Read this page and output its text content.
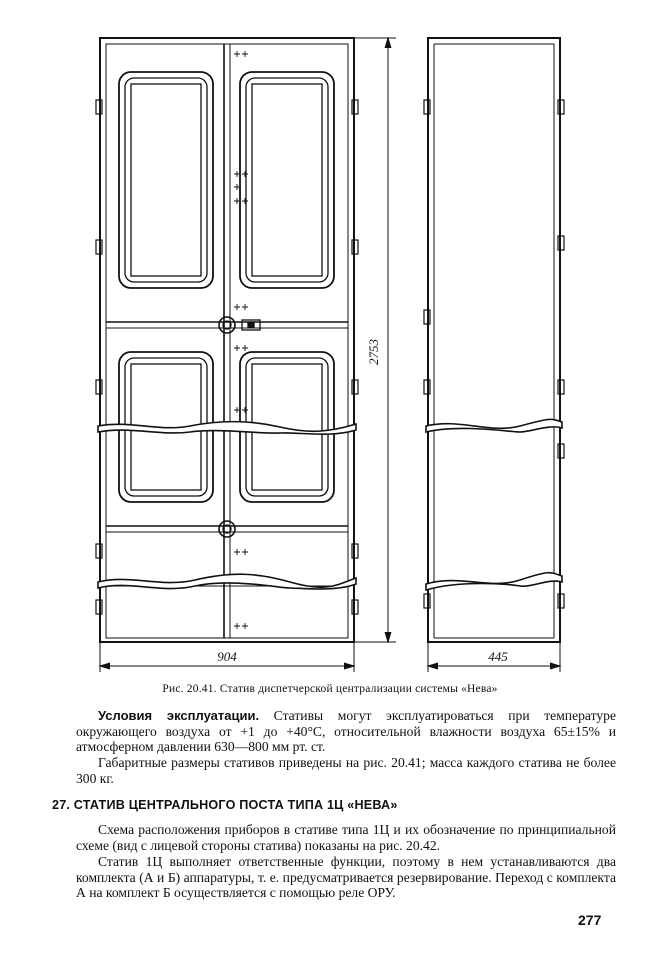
2753
904	445
Рис. 20.41. Статив диспетчерской централизации системы «Нева»
Условия эксплуатации. Стативы могут эксплуатироваться при температуре окружающего воздуха от +1 до +40°С, относительной влажности воздуха 65±15% и атмосферном давлении 630—800 мм рт. ст.
Габаритные размеры стативов приведены на рис. 20.41; масса каждого статива не более 300 кг.
27. СТАТИВ ЦЕНТРАЛЬНОГО ПОСТА ТИПА 1Ц «НЕВА»
Схема расположения приборов в стативе типа 1Ц и их обозначение по принципиальной схеме (вид с лицевой стороны статива) показаны на рис. 20.42.
Статив 1Ц выполняет ответственные функции, поэтому в нем устанавливаются два комплекта (А и Б) аппаратуры, т. е. предусматривается резервирование. Переход с комплекта А на комплект Б осуществляется с помощью реле ОРУ.
277
